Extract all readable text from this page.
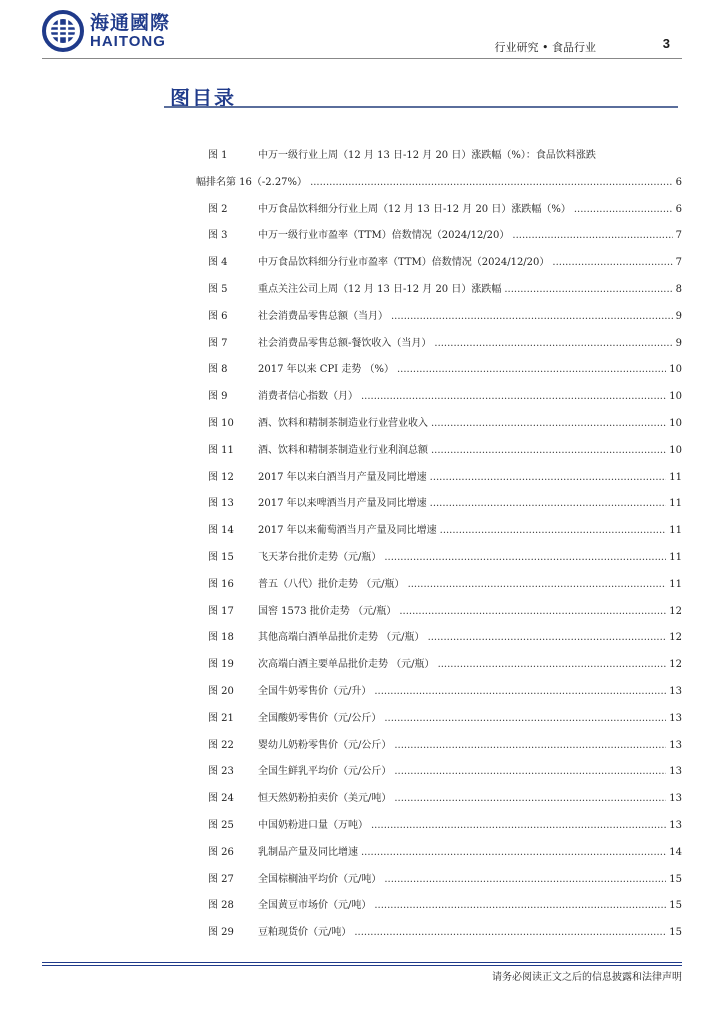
海通國際
HAITONG	行业研究 • 食品行业	3
图目录
图 1	中万一级行业上周（12 月 13 日-12 月 20 日）涨跌幅（%）：食品饮料涨跌
幅排名第 16（-2.27%） .....	6
图 2	中万食品饮料细分行业上周（12 月 13 日-12 月 20 日）涨跌幅（%） .....	6
图 3	中万一级行业市盈率（TTM）倍数情况（2024/12/20） .....	7
图 4	中万食品饮料细分行业市盈率（TTM）倍数情况（2024/12/20） .....	7
图 5	重点关注公司上周（12 月 13 日-12 月 20 日）涨跌幅 .....	8
图 6	社会消费品零售总额（当月） .....	9
图 7	社会消费品零售总额-餐饮收入（当月） .....	9
图 8	2017 年以来 CPI 走势 （%） .....	10
图 9	消费者信心指数（月） .....	10
图 10	酒、饮料和精制茶制造业行业营业收入 .....	10
图 11	酒、饮料和精制茶制造业行业利润总额 .....	10
图 12	2017 年以来白酒当月产量及同比增速 .....	11
图 13	2017 年以来啤酒当月产量及同比增速 .....	11
图 14	2017 年以来葡萄酒当月产量及同比增速 .....	11
图 15	飞天茅台批价走势（元/瓶） .....	11
图 16	普五（八代）批价走势 （元/瓶） .....	11
图 17	国窖 1573 批价走势 （元/瓶） .....	12
图 18	其他高端白酒单品批价走势 （元/瓶） .....	12
图 19	次高端白酒主要单品批价走势 （元/瓶） .....	12
图 20	全国牛奶零售价（元/升） .....	13
图 21	全国酸奶零售价（元/公斤） .....	13
图 22	婴幼儿奶粉零售价（元/公斤） .....	13
图 23	全国生鲜乳平均价（元/公斤） .....	13
图 24	恒天然奶粉拍卖价（美元/吨） .....	13
图 25	中国奶粉进口量（万吨） .....	13
图 26	乳制品产量及同比增速 .....	14
图 27	全国棕榈油平均价（元/吨） .....	15
图 28	全国黄豆市场价（元/吨） .....	15
图 29	豆粕现货价（元/吨） .....	15
请务必阅读正文之后的信息披露和法律声明
